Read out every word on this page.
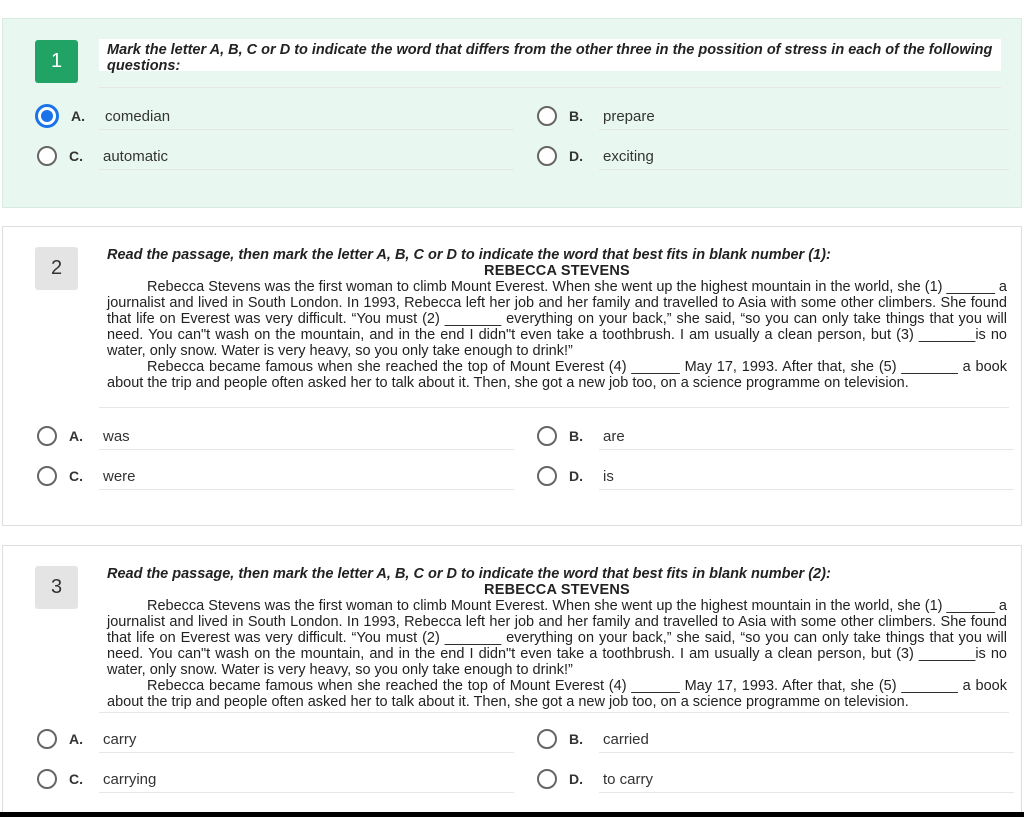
1	Mark the letter A, B, C or D to indicate the word that differs from the other three in the possition of stress in each of the following questions:
A.	comedian	B.	prepare
C.	automatic	D.	exciting
2
Read the passage, then mark the letter A, B, C or D to indicate the word that best fits in blank number (1):
REBECCA STEVENS

Rebecca Stevens was the first woman to climb Mount Everest. When she went up the highest mountain in the world, she (1) ______ a journalist and lived in South London. In 1993, Rebecca left her job and her family and travelled to Asia with some other climbers. She found that life on Everest was very difficult. “You must (2) _______ everything on your back,” she said, “so you can only take things that you will need. You can"t wash on the mountain, and in the end I didn"t even take a toothbrush. I am usually a clean person, but (3) _______is no water, only snow. Water is very heavy, so you only take enough to drink!”

Rebecca became famous when she reached the top of Mount Everest (4) ______ May 17, 1993. After that, she (5) _______ a book about the trip and people often asked her to talk about it. Then, she got a new job too, on a science programme on television.

A.	was	B.	are
C.	were	D.	is
3
Read the passage, then mark the letter A, B, C or D to indicate the word that best fits in blank number (2):
REBECCA STEVENS

Rebecca Stevens was the first woman to climb Mount Everest. When she went up the highest mountain in the world, she (1) ______ a journalist and lived in South London. In 1993, Rebecca left her job and her family and travelled to Asia with some other climbers. She found that life on Everest was very difficult. “You must (2) _______ everything on your back,” she said, “so you can only take things that you will need. You can"t wash on the mountain, and in the end I didn"t even take a toothbrush. I am usually a clean person, but (3) _______is no water, only snow. Water is very heavy, so you only take enough to drink!”

Rebecca became famous when she reached the top of Mount Everest (4) ______ May 17, 1993. After that, she (5) _______ a book about the trip and people often asked her to talk about it. Then, she got a new job too, on a science programme on television.

A.	carry	B.	carried
C.	carrying	D.	to carry
